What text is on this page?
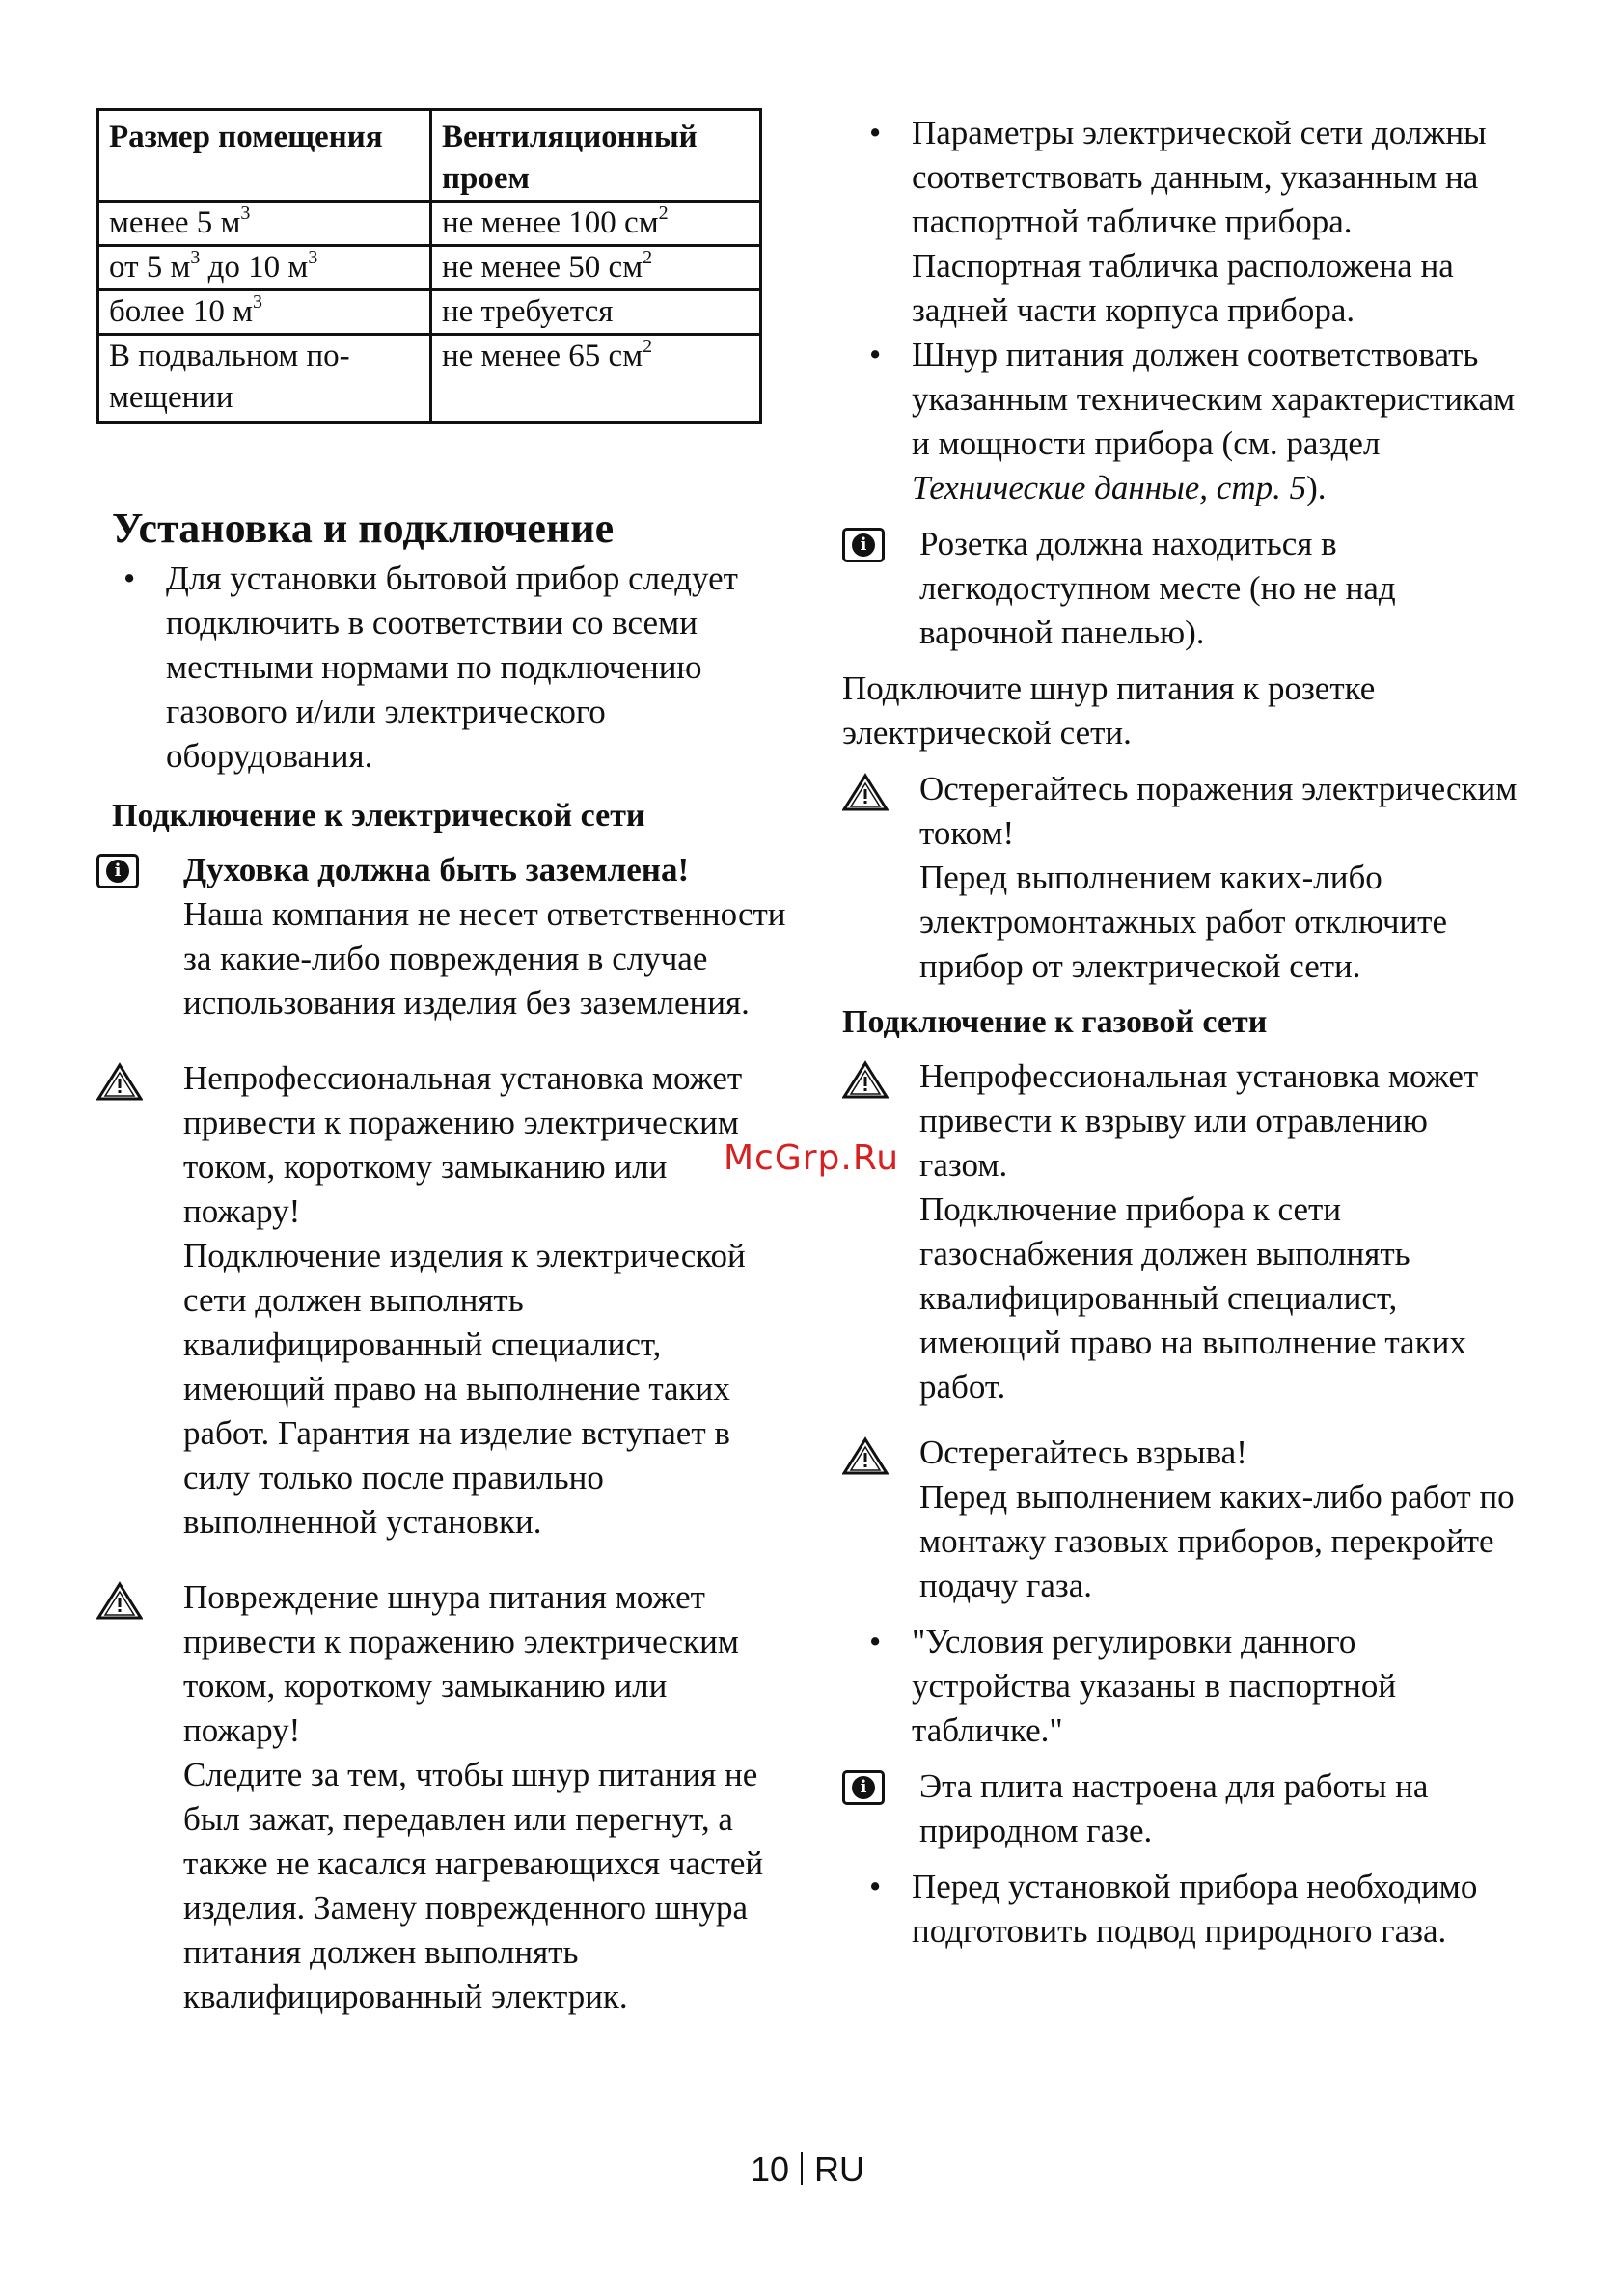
Размер помещения	Вентиляционный проем
менее 5 $м^3$	не менее 100 $см^2$
от 5 $м^3$ до 10 $м^3$	не менее 50 $см^2$
более 10 $м^3$	не требуется
В подвальном по-мещении	не менее 65 $см^2$
Установка и подключение
• Для установки бытовой прибор следует подключить в соответствии со всеми местными нормами по подключению газового и/или электрического оборудования.
Подключение к электрической сети
i Духовка должна быть заземлена!
Наша компания не несет ответственности за какие-либо повреждения в случае использования изделия без заземления.
Непрофессиональная установка может привести к поражению электрическим током, короткому замыканию или пожару!
Подключение изделия к электрической сети должен выполнять квалифицированный специалист, имеющий право на выполнение таких работ. Гарантия на изделие вступает в силу только после правильно выполненной установки.
Повреждение шнура питания может привести к поражению электрическим током, короткому замыканию или пожару!
Следите за тем, чтобы шнур питания не был зажат, передавлен или перегнут, а также не касался нагревающихся частей изделия. Замену поврежденного шнура питания должен выполнять квалифицированный электрик.
• Параметры электрической сети должны соответствовать данным, указанным на паспортной табличке прибора. Паспортная табличка расположена на задней части корпуса прибора.
• Шнур питания должен соответствовать указанным техническим характеристикам и мощности прибора (см. раздел Технические данные, стр. 5).
i Розетка должна находиться в легкодоступном месте (но не над варочной панелью).

Подключите шнур питания к розетке электрической сети.

Остерегайтесь поражения электрическим током!
Перед выполнением каких-либо электромонтажных работ отключите прибор от электрической сети.
Подключение к газовой сети
Непрофессиональная установка может привести к взрыву или отравлению газом.
Подключение прибора к сети газоснабжения должен выполнять квалифицированный специалист, имеющий право на выполнение таких работ.
Остерегайтесь взрыва!
Перед выполнением каких-либо работ по монтажу газовых приборов, перекройте подачу газа.
• "Условия регулировки данного устройства указаны в паспортной табличке."
i Эта плита настроена для работы на природном газе.
• Перед установкой прибора необходимо подготовить подвод природного газа.
McGrp.Ru
10 RU
